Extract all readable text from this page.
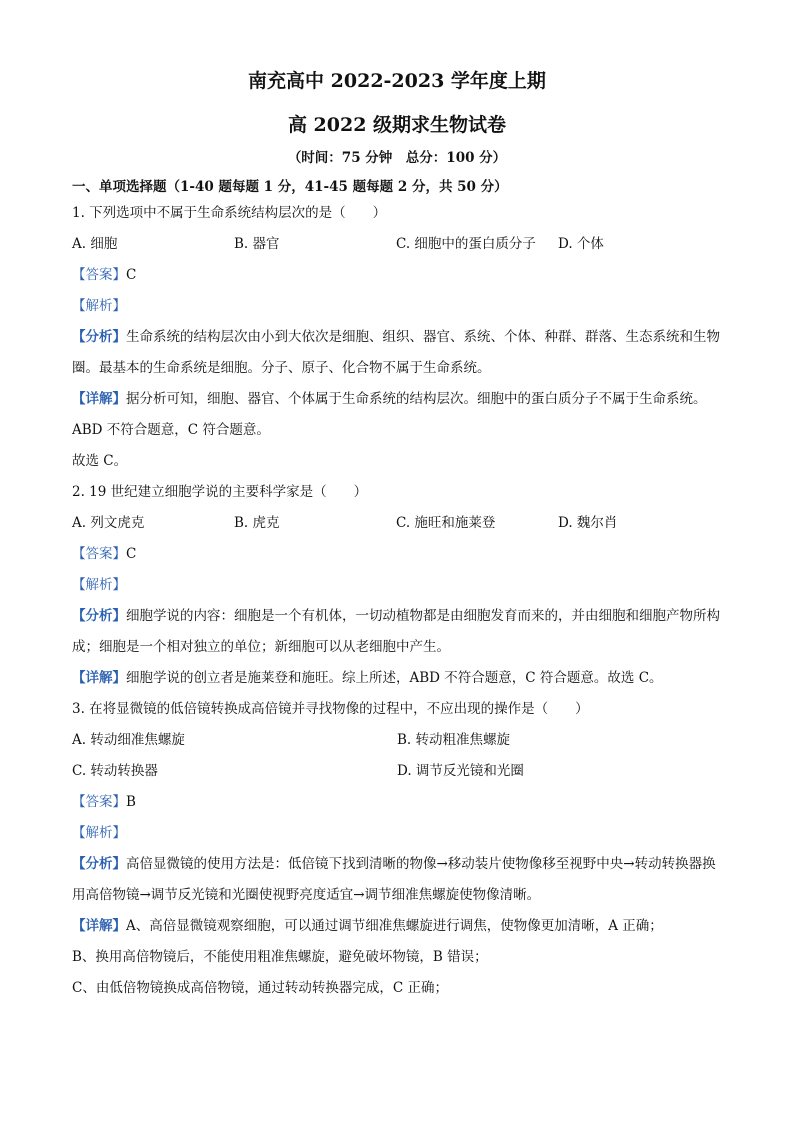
南充高中 2022-2023 学年度上期
高 2022 级期求生物试卷
（时间：75 分钟　总分：100 分）
一、单项选择题（1-40 题每题 1 分，41-45 题每题 2 分，共 50 分）
1. 下列选项中不属于生命系统结构层次的是（　　）
A. 细胞	B. 器官	C. 细胞中的蛋白质分子	D. 个体
【答案】C
【解析】
【分析】生命系统的结构层次由小到大依次是细胞、组织、器官、系统、个体、种群、群落、生态系统和生物圈。最基本的生命系统是细胞。分子、原子、化合物不属于生命系统。
【详解】据分析可知，细胞、器官、个体属于生命系统的结构层次。细胞中的蛋白质分子不属于生命系统。ABD 不符合题意，C 符合题意。
故选 C。
2. 19 世纪建立细胞学说的主要科学家是（　　）
A. 列文虎克	B. 虎克	C. 施旺和施莱登	D. 魏尔肖
【答案】C
【解析】
【分析】细胞学说的内容：细胞是一个有机体，一切动植物都是由细胞发育而来的，并由细胞和细胞产物所构成；细胞是一个相对独立的单位；新细胞可以从老细胞中产生。
【详解】细胞学说的创立者是施莱登和施旺。综上所述，ABD 不符合题意，C 符合题意。故选 C。
3. 在将显微镜的低倍镜转换成高倍镜并寻找物像的过程中，不应出现的操作是（　　）
A. 转动细准焦螺旋	B. 转动粗准焦螺旋
C. 转动转换器	D. 调节反光镜和光圈
【答案】B
【解析】
【分析】高倍显微镜的使用方法是：低倍镜下找到清晰的物像→移动装片使物像移至视野中央→转动转换器换用高倍物镜→调节反光镜和光圈使视野亮度适宜→调节细准焦螺旋使物像清晰。
【详解】A、高倍显微镜观察细胞，可以通过调节细准焦螺旋进行调焦，使物像更加清晰，A 正确；
B、换用高倍物镜后，不能使用粗准焦螺旋，避免破坏物镜，B 错误；
C、由低倍物镜换成高倍物镜，通过转动转换器完成，C 正确；
